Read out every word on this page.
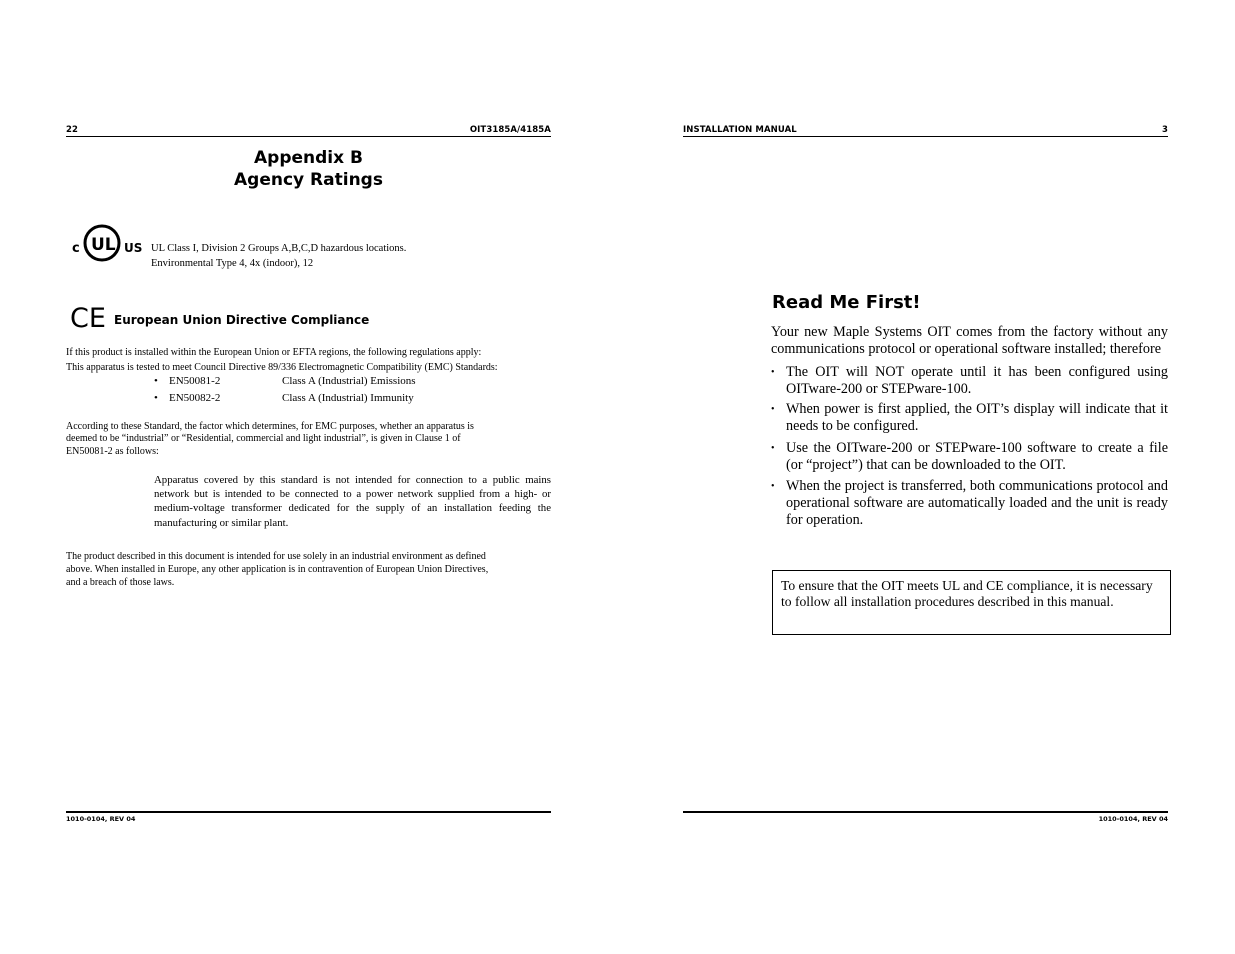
22	OIT3185A/4185A
Appendix B
Agency Ratings
c UL US UL Class I, Division 2 Groups A,B,C,D hazardous locations.
Environmental Type 4, 4x (indoor), 12
CE European Union Directive Compliance
If this product is installed within the European Union or EFTA regions, the following regulations apply:
This apparatus is tested to meet Council Directive 89/336 Electromagnetic Compatibility (EMC) Standards:
• EN50081-2	Class A (Industrial) Emissions
• EN50082-2	Class A (Industrial) Immunity
According to these Standard, the factor which determines, for EMC purposes, whether an apparatus is
deemed to be “industrial” or “Residential, commercial and light industrial”, is given in Clause 1 of
EN50081-2 as follows:
Apparatus covered by this standard is not intended for connection to a public mains network but is intended to be connected to a power network supplied from a high- or medium-voltage transformer dedicated for the supply of an installation feeding the manufacturing or similar plant.
The product described in this document is intended for use solely in an industrial environment as defined
above. When installed in Europe, any other application is in contravention of European Union Directives,
and a breach of those laws.
1010-0104, REV 04
INSTALLATION MANUAL	3
Read Me First!
Your new Maple Systems OIT comes from the factory without any communications protocol or operational software installed; therefore
• The OIT will NOT operate until it has been configured using OITware-200 or STEPware-100.
• When power is first applied, the OIT’s display will indicate that it needs to be configured.
• Use the OITware-200 or STEPware-100 software to create a file (or “project”) that can be downloaded to the OIT.
• When the project is transferred, both communications protocol and operational software are automatically loaded and the unit is ready for operation.
To ensure that the OIT meets UL and CE compliance, it is necessary to follow all installation procedures described in this manual.
1010-0104, REV 04
